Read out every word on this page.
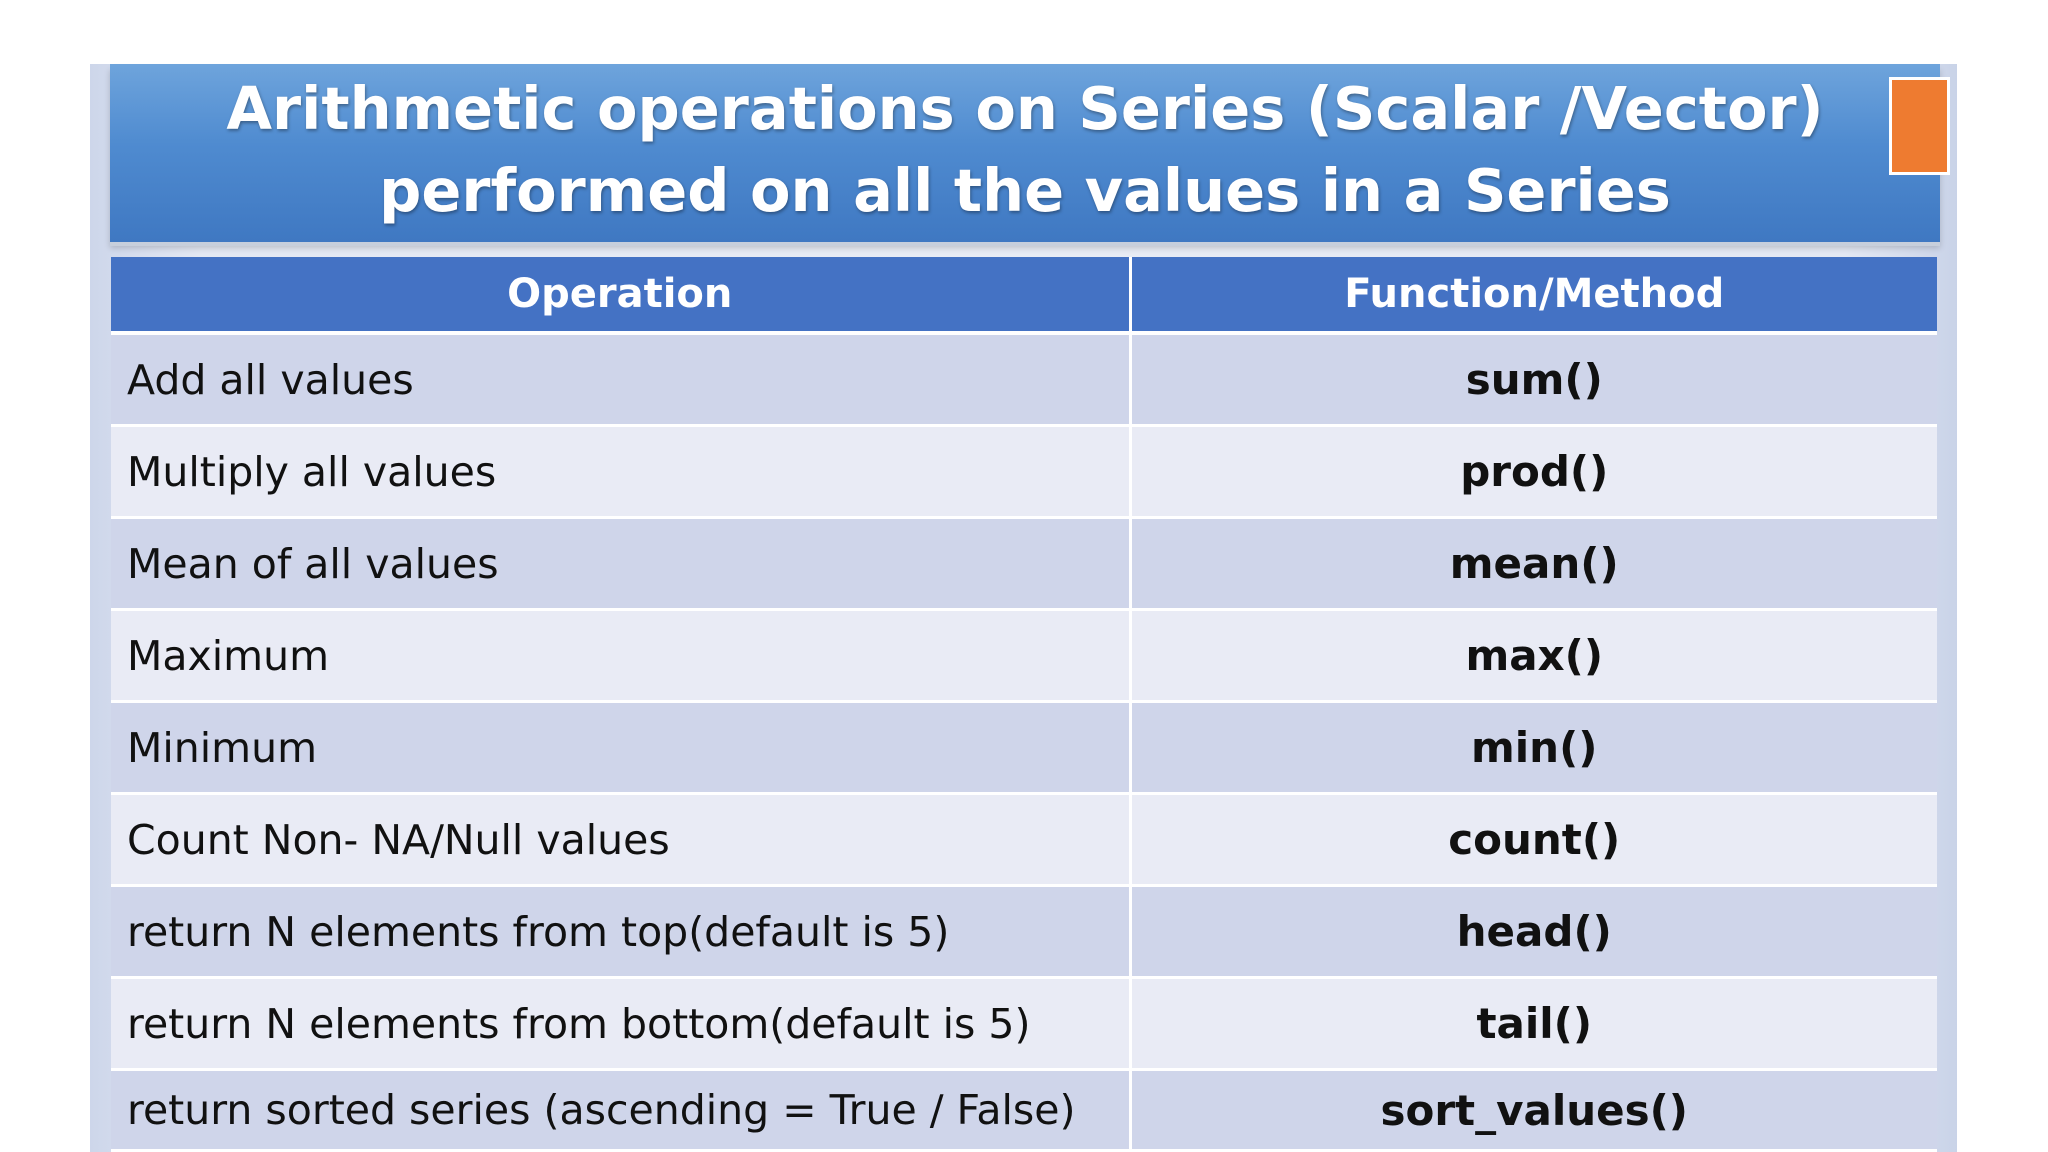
Arithmetic operations on Series (Scalar /Vector)
performed on all the values in a Series
Operation	Function/Method
Add all values	sum()
Multiply all values	prod()
Mean of all values	mean()
Maximum	max()
Minimum	min()
Count Non- NA/Null values	count()
return N elements from top(default is 5)	head()
return N elements from bottom(default is 5)	tail()
return sorted series (ascending = True / False)	sort_values()
